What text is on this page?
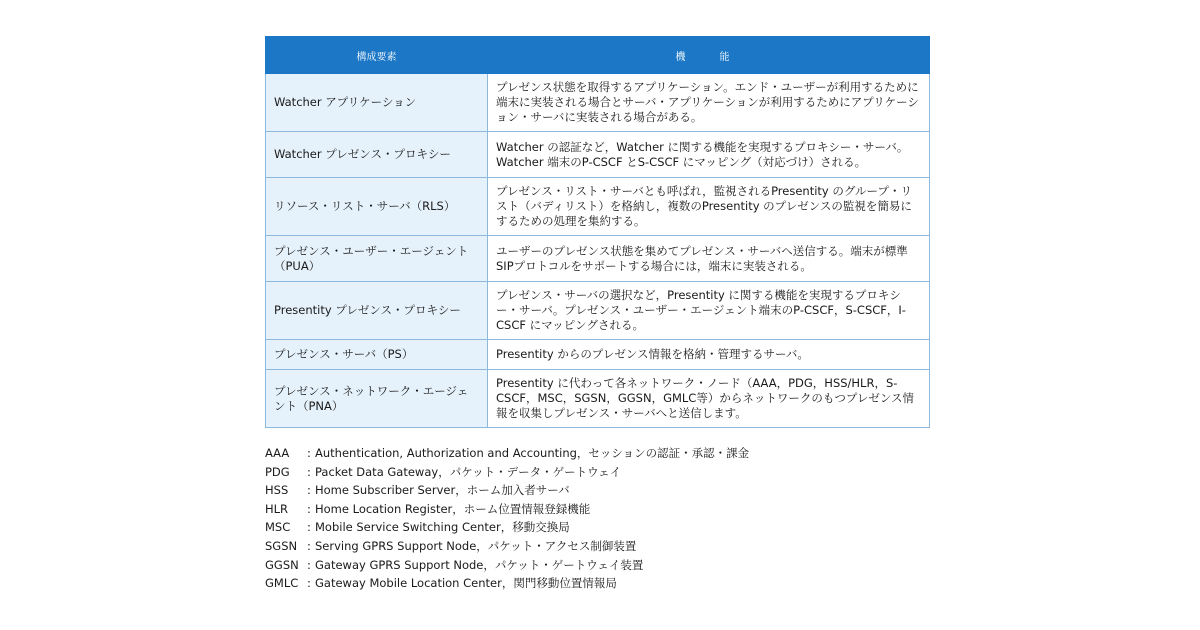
構成要素	機　能
Watcher アプリケーション	プレゼンス状態を取得するアプリケーション。エンド・ユーザーが利用するために端末に実装される場合とサーバ・アプリケーションが利用するためにアプリケーション・サーバに実装される場合がある。
Watcher プレゼンス・プロキシー	Watcher の認証など，Watcher に関する機能を実現するプロキシー・サーバ。Watcher 端末のP-CSCF とS-CSCF にマッピング（対応づけ）される。
リソース・リスト・サーバ（RLS）	プレゼンス・リスト・サーバとも呼ばれ，監視されるPresentity のグループ・リスト（バディリスト）を格納し，複数のPresentity のプレゼンスの監視を簡易にするための処理を集約する。
プレゼンス・ユーザー・エージェント（PUA）	ユーザーのプレゼンス状態を集めてプレゼンス・サーバへ送信する。端末が標準SIPプロトコルをサポートする場合には，端末に実装される。
Presentity プレゼンス・プロキシー	プレゼンス・サーバの選択など，Presentity に関する機能を実現するプロキシー・サーバ。プレゼンス・ユーザー・エージェント端末のP-CSCF，S-CSCF，I-CSCF にマッピングされる。
プレゼンス・サーバ（PS）	Presentity からのプレゼンス情報を格納・管理するサーバ。
プレゼンス・ネットワーク・エージェント（PNA）	Presentity に代わって各ネットワーク・ノード（AAA，PDG，HSS/HLR，S-CSCF，MSC，SGSN，GGSN，GMLC等）からネットワークのもつプレゼンス情報を収集しプレゼンス・サーバへと送信します。
AAA	: Authentication, Authorization and Accounting，セッションの認証・承認・課金
PDG	: Packet Data Gateway，パケット・データ・ゲートウェイ
HSS	: Home Subscriber Server，ホーム加入者サーバ
HLR	: Home Location Register，ホーム位置情報登録機能
MSC	: Mobile Service Switching Center，移動交換局
SGSN : Serving GPRS Support Node，パケット・アクセス制御装置
GGSN : Gateway GPRS Support Node，パケット・ゲートウェイ装置
GMLC : Gateway Mobile Location Center，関門移動位置情報局
